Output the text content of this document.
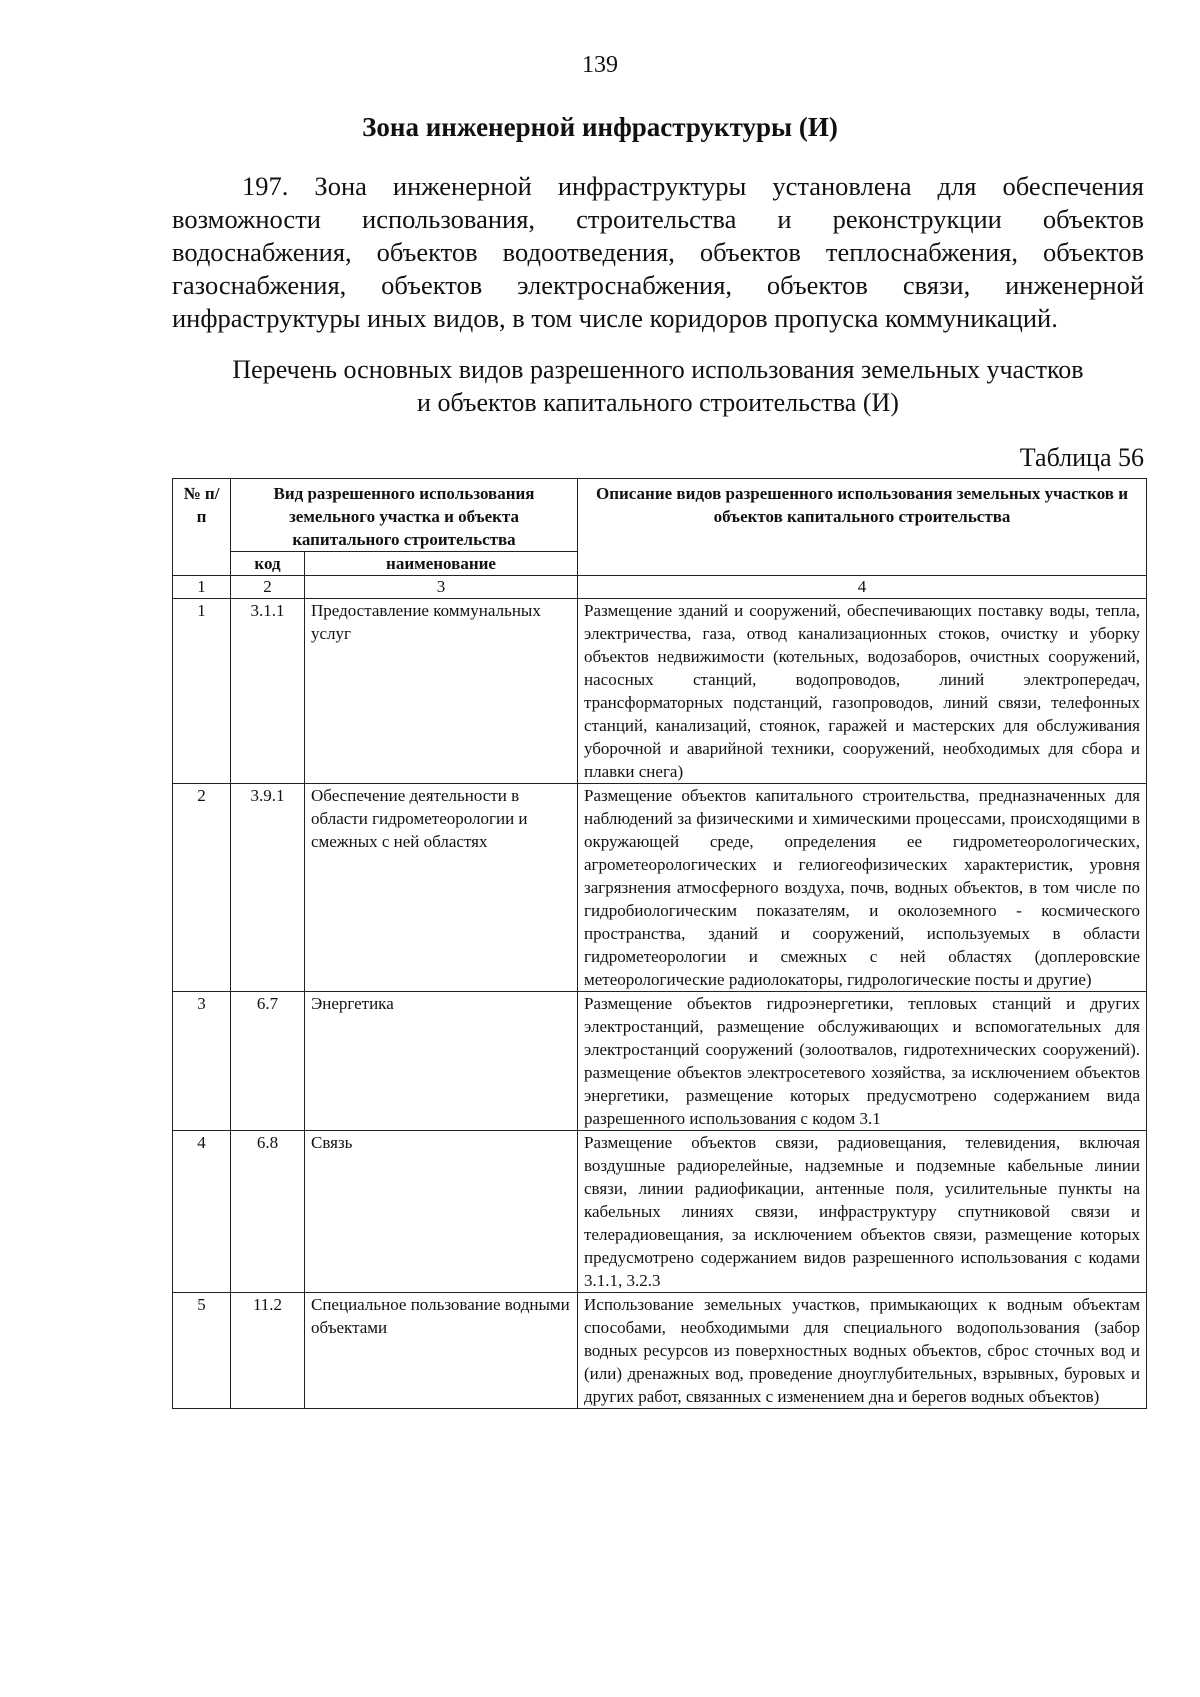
139
Зона инженерной инфраструктуры (И)

197. Зона инженерной инфраструктуры установлена для обеспечения возможности использования, строительства и реконструкции объектов водоснабжения, объектов водоотведения, объектов теплоснабжения, объектов газоснабжения, объектов электроснабжения, объектов связи, инженерной инфраструктуры иных видов, в том числе коридоров пропуска коммуникаций.

Перечень основных видов разрешенного использования земельных участков

и объектов капитального строительства (И)
Таблица 56
№ п/п	Вид разрешенного использования земельного участка и объекта капитального строительства		Описание видов разрешенного использования земельных участков и объектов капитального строительства
	код	наименование	
1	2	3	4
1	3.1.1	Предоставление коммунальных услуг	Размещение зданий и сооружений, обеспечивающих поставку воды, тепла, электричества, газа, отвод канализационных стоков, очистку и уборку объектов недвижимости (котельных, водозаборов, очистных сооружений, насосных станций, водопроводов, линий электропередач, трансформаторных подстанций, газопроводов, линий связи, телефонных станций, канализаций, стоянок, гаражей и мастерских для обслуживания уборочной и аварийной техники, сооружений, необходимых для сбора и плавки снега)
2	3.9.1	Обеспечение деятельности в области гидрометеорологии и смежных с ней областях	Размещение объектов капитального строительства, предназначенных для наблюдений за физическими и химическими процессами, происходящими в окружающей среде, определения ее гидрометеорологических, агрометеорологических и гелиогеофизических характеристик, уровня загрязнения атмосферного воздуха, почв, водных объектов, в том числе по гидробиологическим показателям, и околоземного - космического пространства, зданий и сооружений, используемых в области гидрометеорологии и смежных с ней областях (доплеровские метеорологические радиолокаторы, гидрологические посты и другие)
3	6.7	Энергетика	Размещение объектов гидроэнергетики, тепловых станций и других электростанций, размещение обслуживающих и вспомогательных для электростанций сооружений (золоотвалов, гидротехнических сооружений). размещение объектов электросетевого хозяйства, за исключением объектов энергетики, размещение которых предусмотрено содержанием вида разрешенного использования с кодом 3.1
4	6.8	Связь	Размещение объектов связи, радиовещания, телевидения, включая воздушные радиорелейные, надземные и подземные кабельные линии связи, линии радиофикации, антенные поля, усилительные пункты на кабельных линиях связи, инфраструктуру спутниковой связи и телерадиовещания, за исключением объектов связи, размещение которых предусмотрено содержанием видов разрешенного использования с кодами 3.1.1, 3.2.3
5	11.2	Специальное пользование водными объектами	Использование земельных участков, примыкающих к водным объектам способами, необходимыми для специального водопользования (забор водных ресурсов из поверхностных водных объектов, сброс сточных вод и (или) дренажных вод, проведение дноуглубительных, взрывных, буровых и других работ, связанных с изменением дна и берегов водных объектов)
